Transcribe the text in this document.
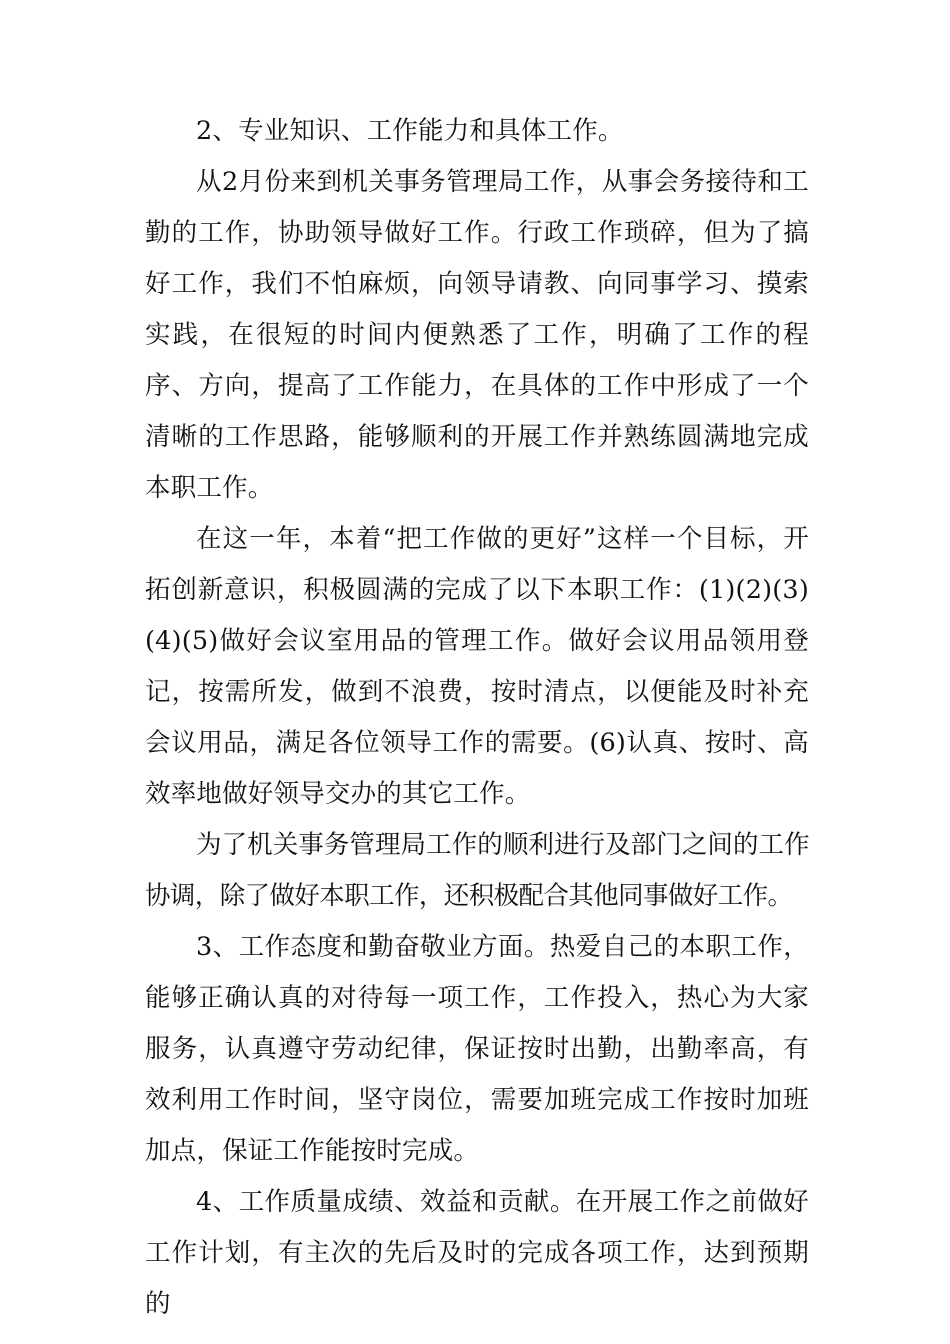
2、专业知识、工作能力和具体工作。

从2月份来到机关事务管理局工作，从事会务接待和工勤的工作，协助领导做好工作。行政工作琐碎，但为了搞好工作，我们不怕麻烦，向领导请教、向同事学习、摸索实践，在很短的时间内便熟悉了工作，明确了工作的程序、方向，提高了工作能力，在具体的工作中形成了一个清晰的工作思路，能够顺利的开展工作并熟练圆满地完成本职工作。

在这一年，本着“把工作做的更好”这样一个目标，开拓创新意识，积极圆满的完成了以下本职工作：(1)(2)(3)(4)(5)做好会议室用品的管理工作。做好会议用品领用登记，按需所发，做到不浪费，按时清点，以便能及时补充会议用品，满足各位领导工作的需要。(6)认真、按时、高效率地做好领导交办的其它工作。

为了机关事务管理局工作的顺利进行及部门之间的工作协调，除了做好本职工作，还积极配合其他同事做好工作。

3、工作态度和勤奋敬业方面。热爱自己的本职工作，能够正确认真的对待每一项工作，工作投入，热心为大家服务，认真遵守劳动纪律，保证按时出勤，出勤率高，有效利用工作时间，坚守岗位，需要加班完成工作按时加班加点，保证工作能按时完成。

4、工作质量成绩、效益和贡献。在开展工作之前做好工作计划，有主次的先后及时的完成各项工作，达到预期的
